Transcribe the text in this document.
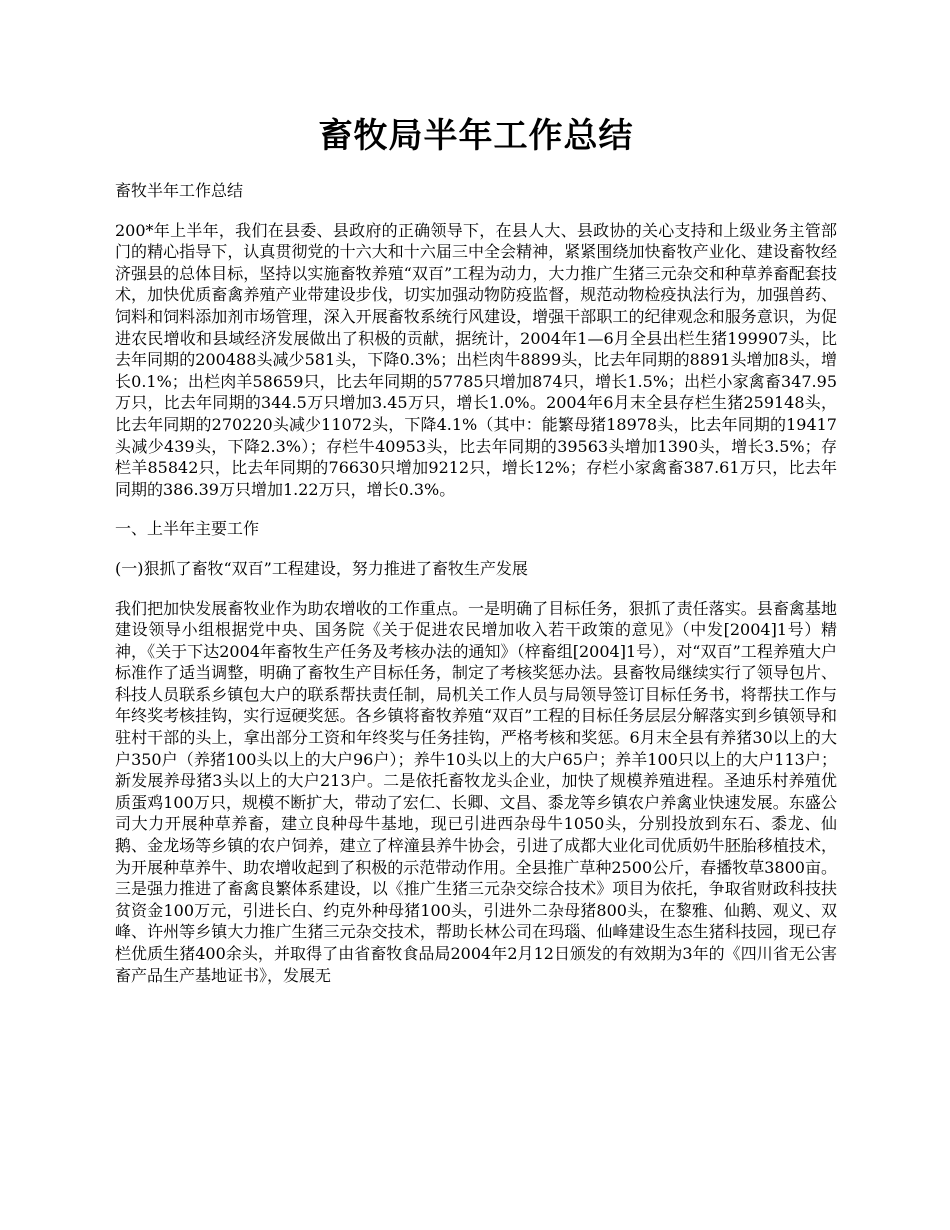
畜牧局半年工作总结

畜牧半年工作总结

200*年上半年，我们在县委、县政府的正确领导下，在县人大、县政协的关心支持和上级业务主管部门的精心指导下，认真贯彻党的十六大和十六届三中全会精神，紧紧围绕加快畜牧产业化、建设畜牧经济强县的总体目标，坚持以实施畜牧养殖“双百”工程为动力，大力推广生猪三元杂交和种草养畜配套技术，加快优质畜禽养殖产业带建设步伐，切实加强动物防疫监督，规范动物检疫执法行为，加强兽药、饲料和饲料添加剂市场管理，深入开展畜牧系统行风建设，增强干部职工的纪律观念和服务意识，为促进农民增收和县域经济发展做出了积极的贡献，据统计，2004年1—6月全县出栏生猪199907头，比去年同期的200488头减少581头，下降0.3%；出栏肉牛8899头，比去年同期的8891头增加8头，增长0.1%；出栏肉羊58659只，比去年同期的57785只增加874只，增长1.5%；出栏小家禽畜347.95万只，比去年同期的344.5万只增加3.45万只，增长1.0%。2004年6月末全县存栏生猪259148头，比去年同期的270220头减少11072头，下降4.1%（其中：能繁母猪18978头，比去年同期的19417头减少439头，下降2.3%）；存栏牛40953头，比去年同期的39563头增加1390头，增长3.5%；存栏羊85842只，比去年同期的76630只增加9212只，增长12%；存栏小家禽畜387.61万只，比去年同期的386.39万只增加1.22万只，增长0.3%。

一、上半年主要工作

(一)狠抓了畜牧“双百”工程建设，努力推进了畜牧生产发展

我们把加快发展畜牧业作为助农增收的工作重点。一是明确了目标任务，狠抓了责任落实。县畜禽基地建设领导小组根据党中央、国务院《关于促进农民增加收入若干政策的意见》（中发[2004]1号）精神，《关于下达2004年畜牧生产任务及考核办法的通知》（梓畜组[2004]1号），对“双百”工程养殖大户标准作了适当调整，明确了畜牧生产目标任务，制定了考核奖惩办法。县畜牧局继续实行了领导包片、科技人员联系乡镇包大户的联系帮扶责任制，局机关工作人员与局领导签订目标任务书，将帮扶工作与年终奖考核挂钩，实行逗硬奖惩。各乡镇将畜牧养殖“双百”工程的目标任务层层分解落实到乡镇领导和驻村干部的头上，拿出部分工资和年终奖与任务挂钩，严格考核和奖惩。6月末全县有养猪30以上的大户350户（养猪100头以上的大户96户）；养牛10头以上的大户65户；养羊100只以上的大户113户；新发展养母猪3头以上的大户213户。二是依托畜牧龙头企业，加快了规模养殖进程。圣迪乐村养殖优质蛋鸡100万只，规模不断扩大，带动了宏仁、长卿、文昌、黍龙等乡镇农户养禽业快速发展。东盛公司大力开展种草养畜，建立良种母牛基地，现已引进西杂母牛1050头，分别投放到东石、黍龙、仙鹅、金龙场等乡镇的农户饲养，建立了梓潼县养牛协会，引进了成都大业化司优质奶牛胚胎移植技术，为开展种草养牛、助农增收起到了积极的示范带动作用。全县推广草种2500公斤，春播牧草3800亩。三是强力推进了畜禽良繁体系建设，以《推广生猪三元杂交综合技术》项目为依托，争取省财政科技扶贫资金100万元，引进长白、约克外种母猪100头，引进外二杂母猪800头，在黎雅、仙鹅、观义、双峰、许州等乡镇大力推广生猪三元杂交技术，帮助长林公司在玛瑙、仙峰建设生态生猪科技园，现已存栏优质生猪400余头，并取得了由省畜牧食品局2004年2月12日颁发的有效期为3年的《四川省无公害畜产品生产基地证书》，发展无
